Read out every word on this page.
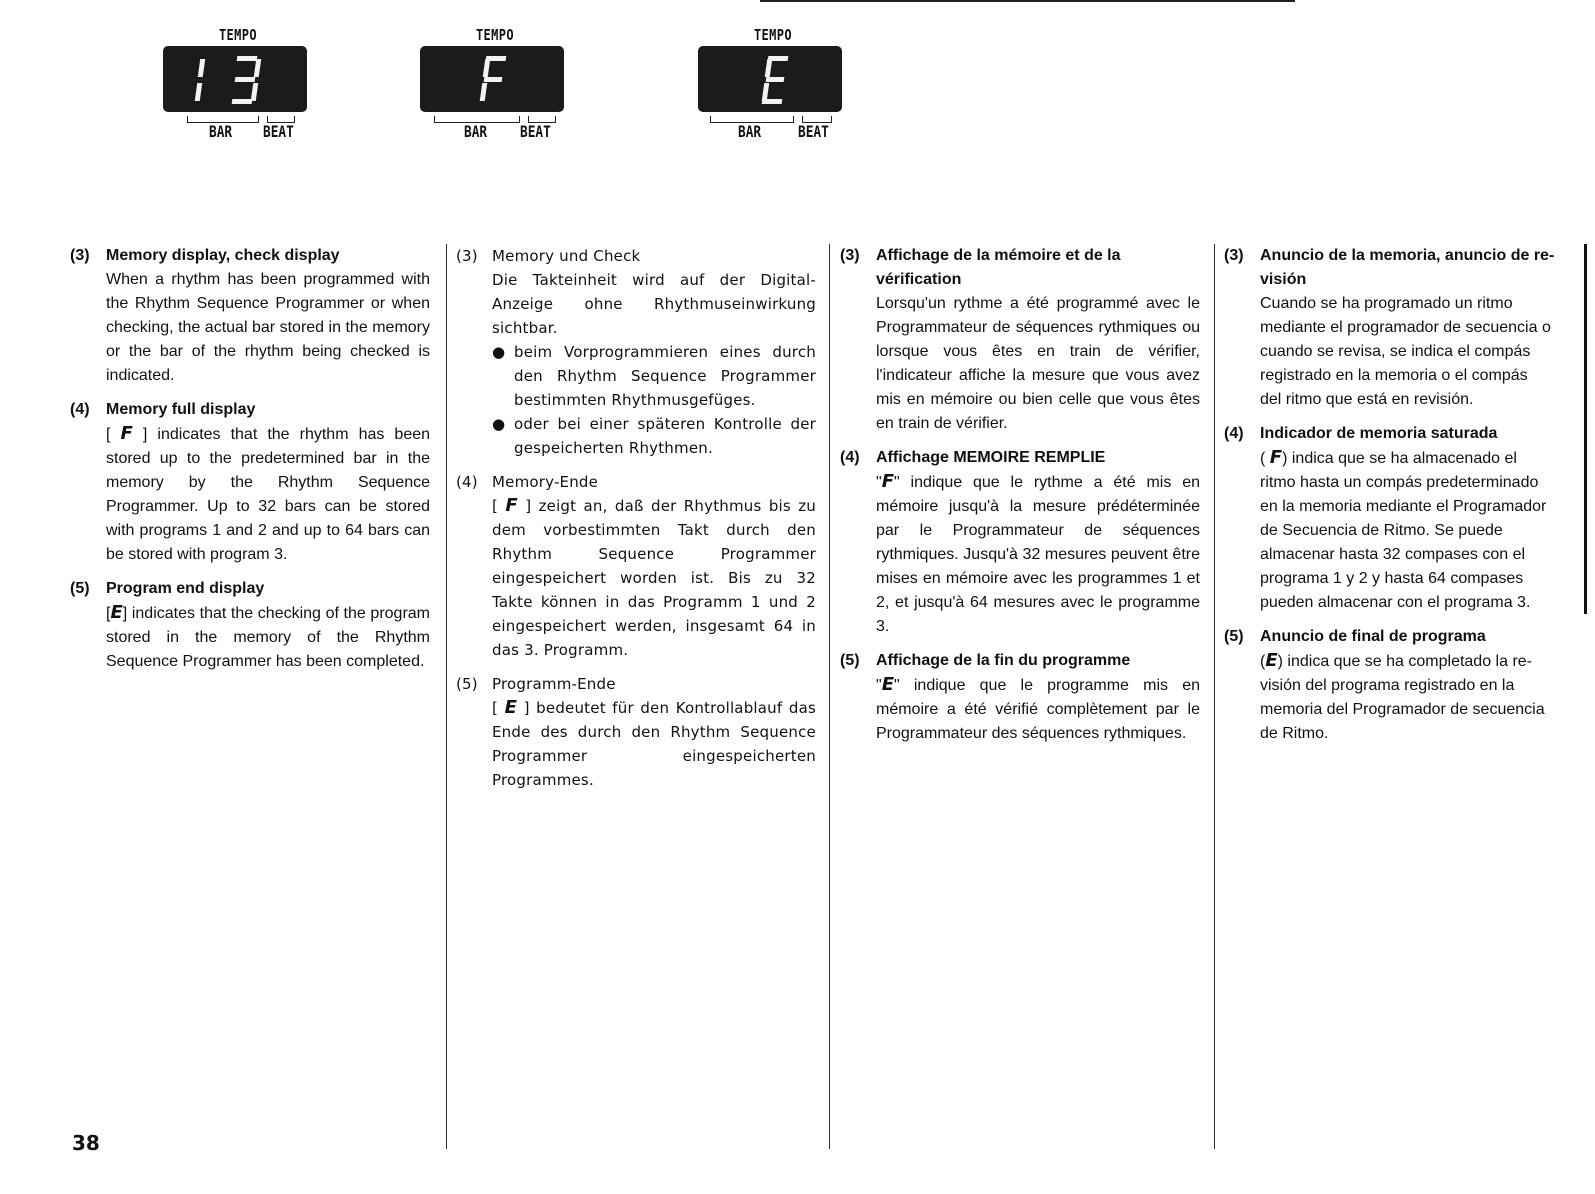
TEMPO
BAR BEAT
TEMPO
BAR BEAT
TEMPO
BAR BEAT
(3) Memory display, check display
When a rhythm has been programmed with the Rhythm Sequence Programmer or when checking, the actual bar stored in the memory or the bar of the rhythm being checked is indicated.
(4) Memory full display
[ F ] indicates that the rhythm has been stored up to the predetermined bar in the memory by the Rhythm Sequence Programmer. Up to 32 bars can be stored with programs 1 and 2 and up to 64 bars can be stored with program 3.
(5) Program end display
[E] indicates that the checking of the program stored in the memory of the Rhythm Sequence Programmer has been completed.
(3) Memory und Check
Die Takteinheit wird auf der Digital-Anzeige ohne Rhythmuseinwirkung sichtbar.
● beim Vorprogrammieren eines durch den Rhythm Sequence Programmer bestimmten Rhythmusgefüges.
● oder bei einer späteren Kontrolle der gespeicherten Rhythmen.
(4) Memory-Ende
[ F ] zeigt an, daß der Rhythmus bis zu dem vorbestimmten Takt durch den Rhythm Sequence Programmer eingespeichert worden ist. Bis zu 32 Takte können in das Programm 1 und 2 eingespeichert werden, insgesamt 64 in das 3. Programm.
(5) Programm-Ende
[ E ] bedeutet für den Kontrollablauf das Ende des durch den Rhythm Sequence Programmer eingespeicherten Programmes.
(3) Affichage de la mémoire et de la vérification
Lorsqu'un rythme a été programmé avec le Programmateur de séquences rythmiques ou lorsque vous êtes en train de vérifier, l'indicateur affiche la mesure que vous avez mis en mémoire ou bien celle que vous êtes en train de vérifier.
(4) Affichage MEMOIRE REMPLIE
"F" indique que le rythme a été mis en mémoire jusqu'à la mesure prédéterminée par le Programmateur de séquences rythmiques. Jusqu'à 32 mesures peuvent être mises en mémoire avec les programmes 1 et 2, et jusqu'à 64 mesures avec le programme 3.
(5) Affichage de la fin du programme
"E" indique que le programme mis en mémoire a été vérifié complètement par le Programmateur des séquences rythmiques.
(3) Anuncio de la memoria, anuncio de re-
visión
Cuando se ha programado un ritmo
mediante el programador de secuencia o
cuando se revisa, se indica el compás
registrado en la memoria o el compás
del ritmo que está en revisión.
(4) Indicador de memoria saturada
( F) indica que se ha almacenado el
ritmo hasta un compás predeterminado
en la memoria mediante el Programador
de Secuencia de Ritmo. Se puede
almacenar hasta 32 compases con el
programa 1 y 2 y hasta 64 compases
pueden almacenar con el programa 3.
(5) Anuncio de final de programa
(E) indica que se ha completado la re-
visión del programa registrado en la
memoria del Programador de secuencia
de Ritmo.
38
